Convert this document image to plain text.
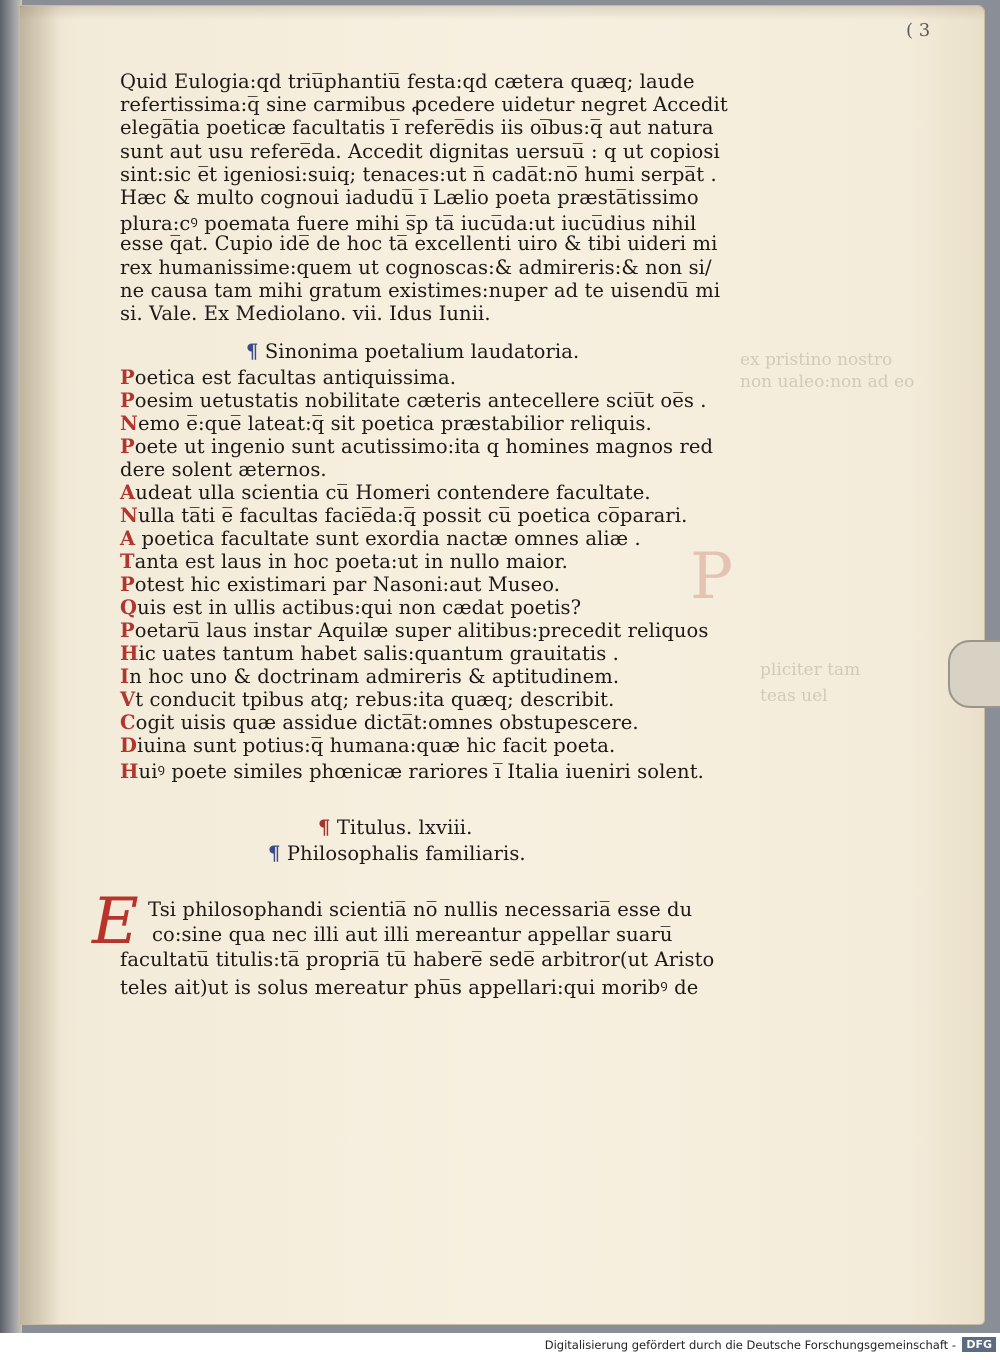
ex pristino nostro
non ualeo:non ad eo
pliciter tam
teas uel
P
( 3
E
Quid Eulogia:qd triu̅phantiu̅ festa:qd cætera quæq; laude
refertissima:q̅ sine carmibus ꝓcedere uidetur negret Accedit
elega̅tia poeticæ facultatis i̅ refere̅dis iis oi̅bus:q̅ aut natura
sunt aut usu refere̅da. Accedit dignitas uersuu̅ : q ut copiosi
sint:sic e̅t igeniosi:suiq; tenaces:ut n̅ cada̅t:no̅ humi serpa̅t .
Hæc & multo cognoui iadudu̅ i̅ Lælio poeta præsta̅tissimo
plura:cꝰ poemata fuere mihi s̅p ta̅ iucu̅da:ut iucu̅dius nihil
esse q̅at. Cupio ide̅ de hoc ta̅ excellenti uiro & tibi uideri mi
rex humanissime:quem ut cognoscas:& admireris:& non si/
ne causa tam mihi gratum existimes:nuper ad te uisendu̅ mi
si. Vale. Ex Mediolano. vii. Idus Iunii.
¶ Sinonima poetalium laudatoria.
Poetica est facultas antiquissima.
Poesim uetustatis nobilitate cæteris antecellere sciu̅t oe̅s .
Nemo e̅:que̅ lateat:q̅ sit poetica præstabilior reliquis.
Poete ut ingenio sunt acutissimo:ita q homines magnos red
dere solent æternos.
Audeat ulla scientia cu̅ Homeri contendere facultate.
Nulla ta̅ti e̅ facultas facie̅da:q̅ possit cu̅ poetica co̅parari.
A poetica facultate sunt exordia nactæ omnes aliæ .
Tanta est laus in hoc poeta:ut in nullo maior.
Potest hic existimari par Nasoni:aut Museo.
Quis est in ullis actibus:qui non cædat poetis?
Poetaru̅ laus instar Aquilæ super alitibus:precedit reliquos
Hic uates tantum habet salis:quantum grauitatis .
In hoc uno & doctrinam admireris & aptitudinem.
Vt conducit tpibus atq; rebus:ita quæq; describit.
Cogit uisis quæ assidue dicta̅t:omnes obstupescere.
Diuina sunt potius:q̅ humana:quæ hic facit poeta.
Huiꝰ poete similes phœnicæ rariores i̅ Italia iueniri solent.
¶ Titulus. lxviii.
¶ Philosophalis familiaris.
Tsi philosophandi scientia̅ no̅ nullis necessaria̅ esse du
co:sine qua nec illi aut illi mereantur appellar suaru̅
facultatu̅ titulis:ta̅ propria̅ tu̅ habere̅ sede̅ arbitror(ut Aristo
teles ait)ut is solus mereatur phu̅s appellari:qui moribꝰ de
Digitalisierung gefördert durch die Deutsche Forschungsgemeinschaft - DFG
